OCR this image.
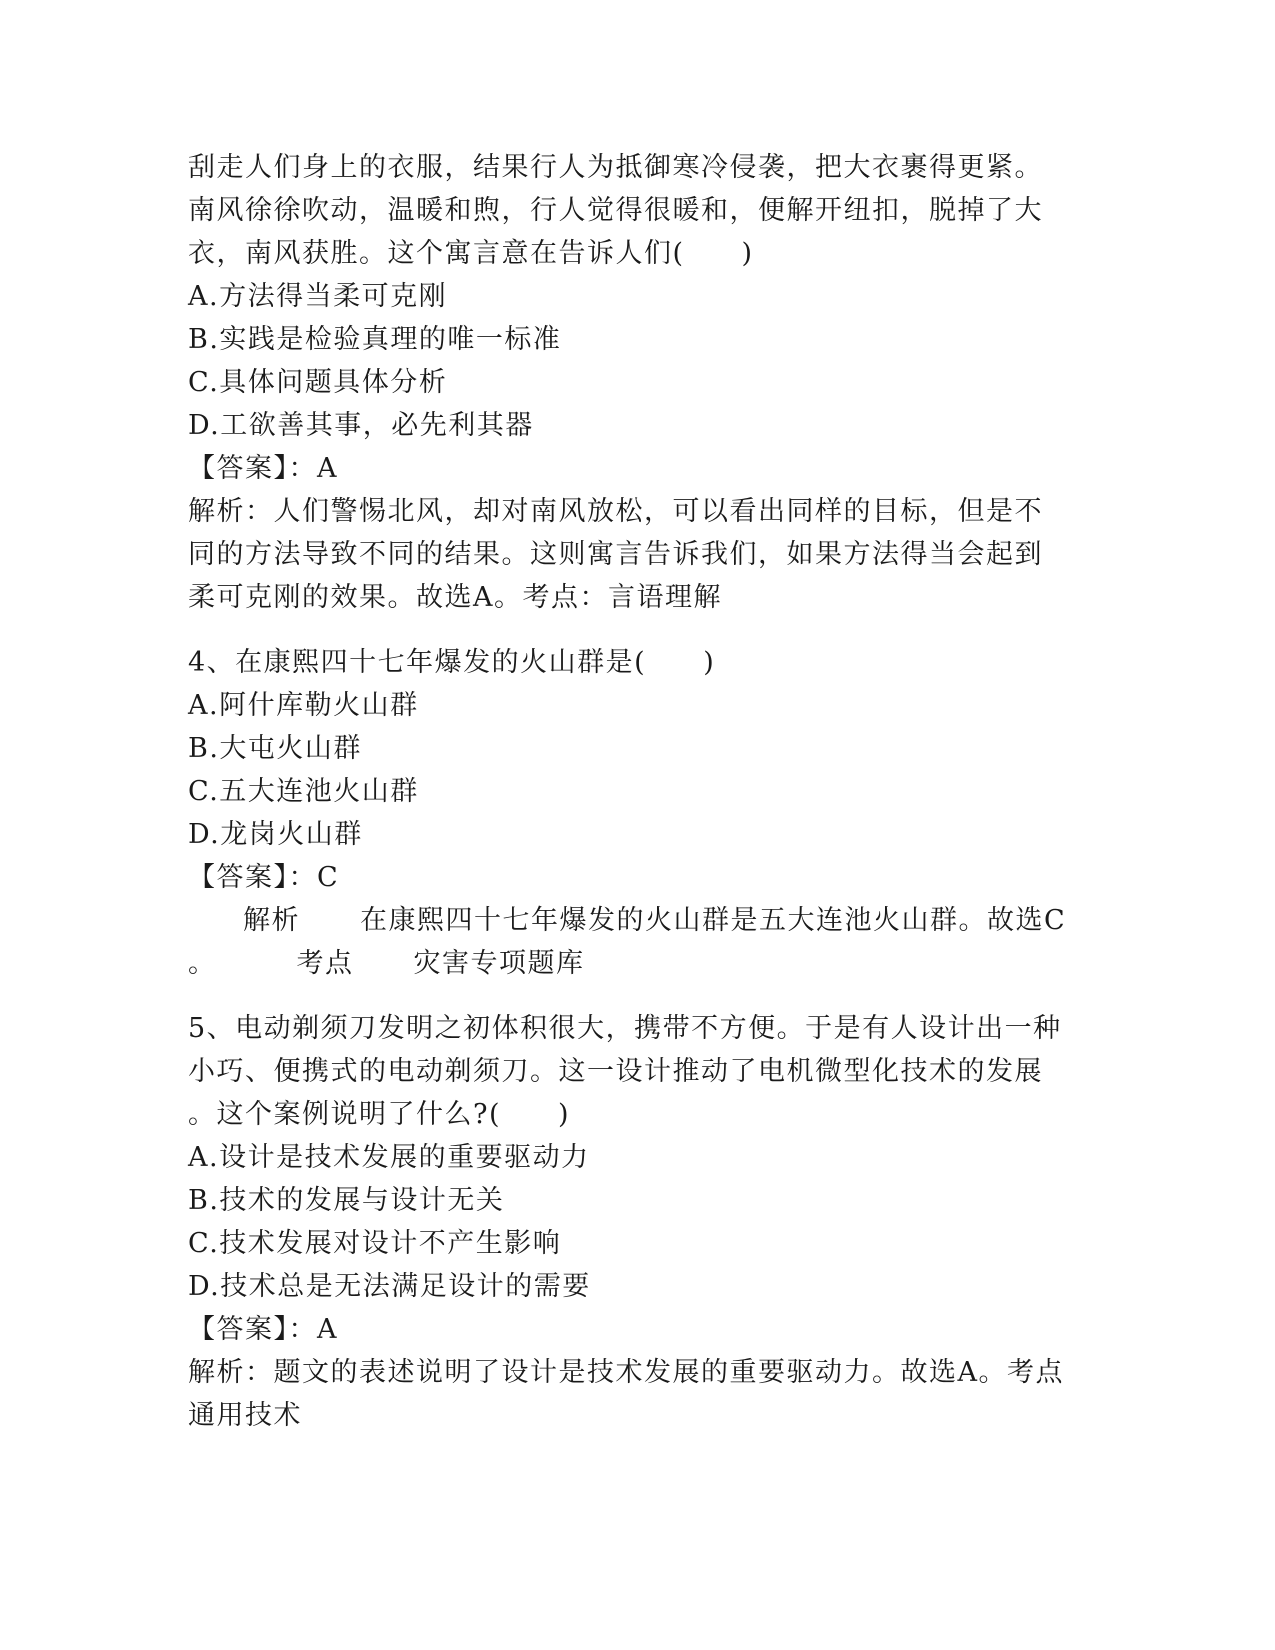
刮走人们身上的衣服，结果行人为抵御寒冷侵袭，把大衣裹得更紧。
南风徐徐吹动，温暖和煦，行人觉得很暖和，便解开纽扣，脱掉了大
衣，南风获胜。这个寓言意在告诉人们(　　)
A.方法得当柔可克刚
B.实践是检验真理的唯一标准
C.具体问题具体分析
D.工欲善其事，必先利其器
【答案】：A
解析：人们警惕北风，却对南风放松，可以看出同样的目标，但是不
同的方法导致不同的结果。这则寓言告诉我们，如果方法得当会起到
柔可克刚的效果。故选A。考点：言语理解
4、在康熙四十七年爆发的火山群是(　　)
A.阿什库勒火山群
B.大屯火山群
C.五大连池火山群
D.龙岗火山群
【答案】：C
解析 在康熙四十七年爆发的火山群是五大连池火山群。故选C
。	考点 灾害专项题库
5、电动剃须刀发明之初体积很大，携带不方便。于是有人设计出一种
小巧、便携式的电动剃须刀。这一设计推动了电机微型化技术的发展
。这个案例说明了什么?(　　)
A.设计是技术发展的重要驱动力
B.技术的发展与设计无关
C.技术发展对设计不产生影响
D.技术总是无法满足设计的需要
【答案】：A
解析：题文的表述说明了设计是技术发展的重要驱动力。故选A。考点
通用技术
